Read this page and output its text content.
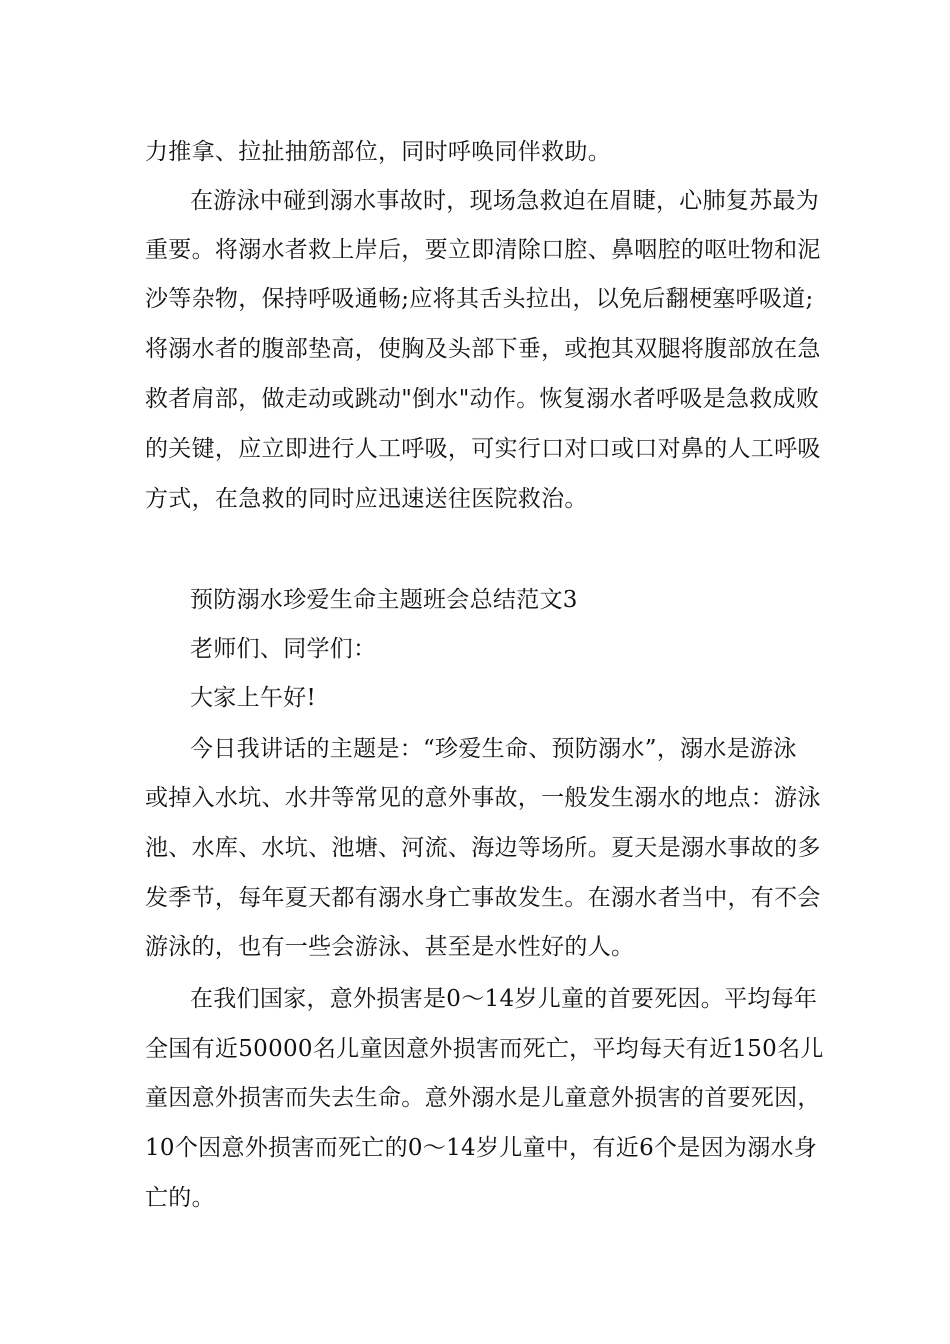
力推拿、拉扯抽筋部位，同时呼唤同伴救助。
在游泳中碰到溺水事故时，现场急救迫在眉睫，心肺复苏最为
重要。将溺水者救上岸后，要立即清除口腔、鼻咽腔的呕吐物和泥
沙等杂物，保持呼吸通畅;应将其舌头拉出，以免后翻梗塞呼吸道;
将溺水者的腹部垫高，使胸及头部下垂，或抱其双腿将腹部放在急
救者肩部，做走动或跳动"倒水"动作。恢复溺水者呼吸是急救成败
的关键，应立即进行人工呼吸，可实行口对口或口对鼻的人工呼吸
方式，在急救的同时应迅速送往医院救治。
预防溺水珍爱生命主题班会总结范文3
老师们、同学们：
大家上午好!
今日我讲话的主题是：“珍爱生命、预防溺水”，溺水是游泳
或掉入水坑、水井等常见的意外事故，一般发生溺水的地点：游泳
池、水库、水坑、池塘、河流、海边等场所。夏天是溺水事故的多
发季节，每年夏天都有溺水身亡事故发生。在溺水者当中，有不会
游泳的，也有一些会游泳、甚至是水性好的人。
在我们国家，意外损害是0～14岁儿童的首要死因。平均每年
全国有近50000名儿童因意外损害而死亡，平均每天有近150名儿
童因意外损害而失去生命。意外溺水是儿童意外损害的首要死因，
10个因意外损害而死亡的0～14岁儿童中，有近6个是因为溺水身
亡的。
